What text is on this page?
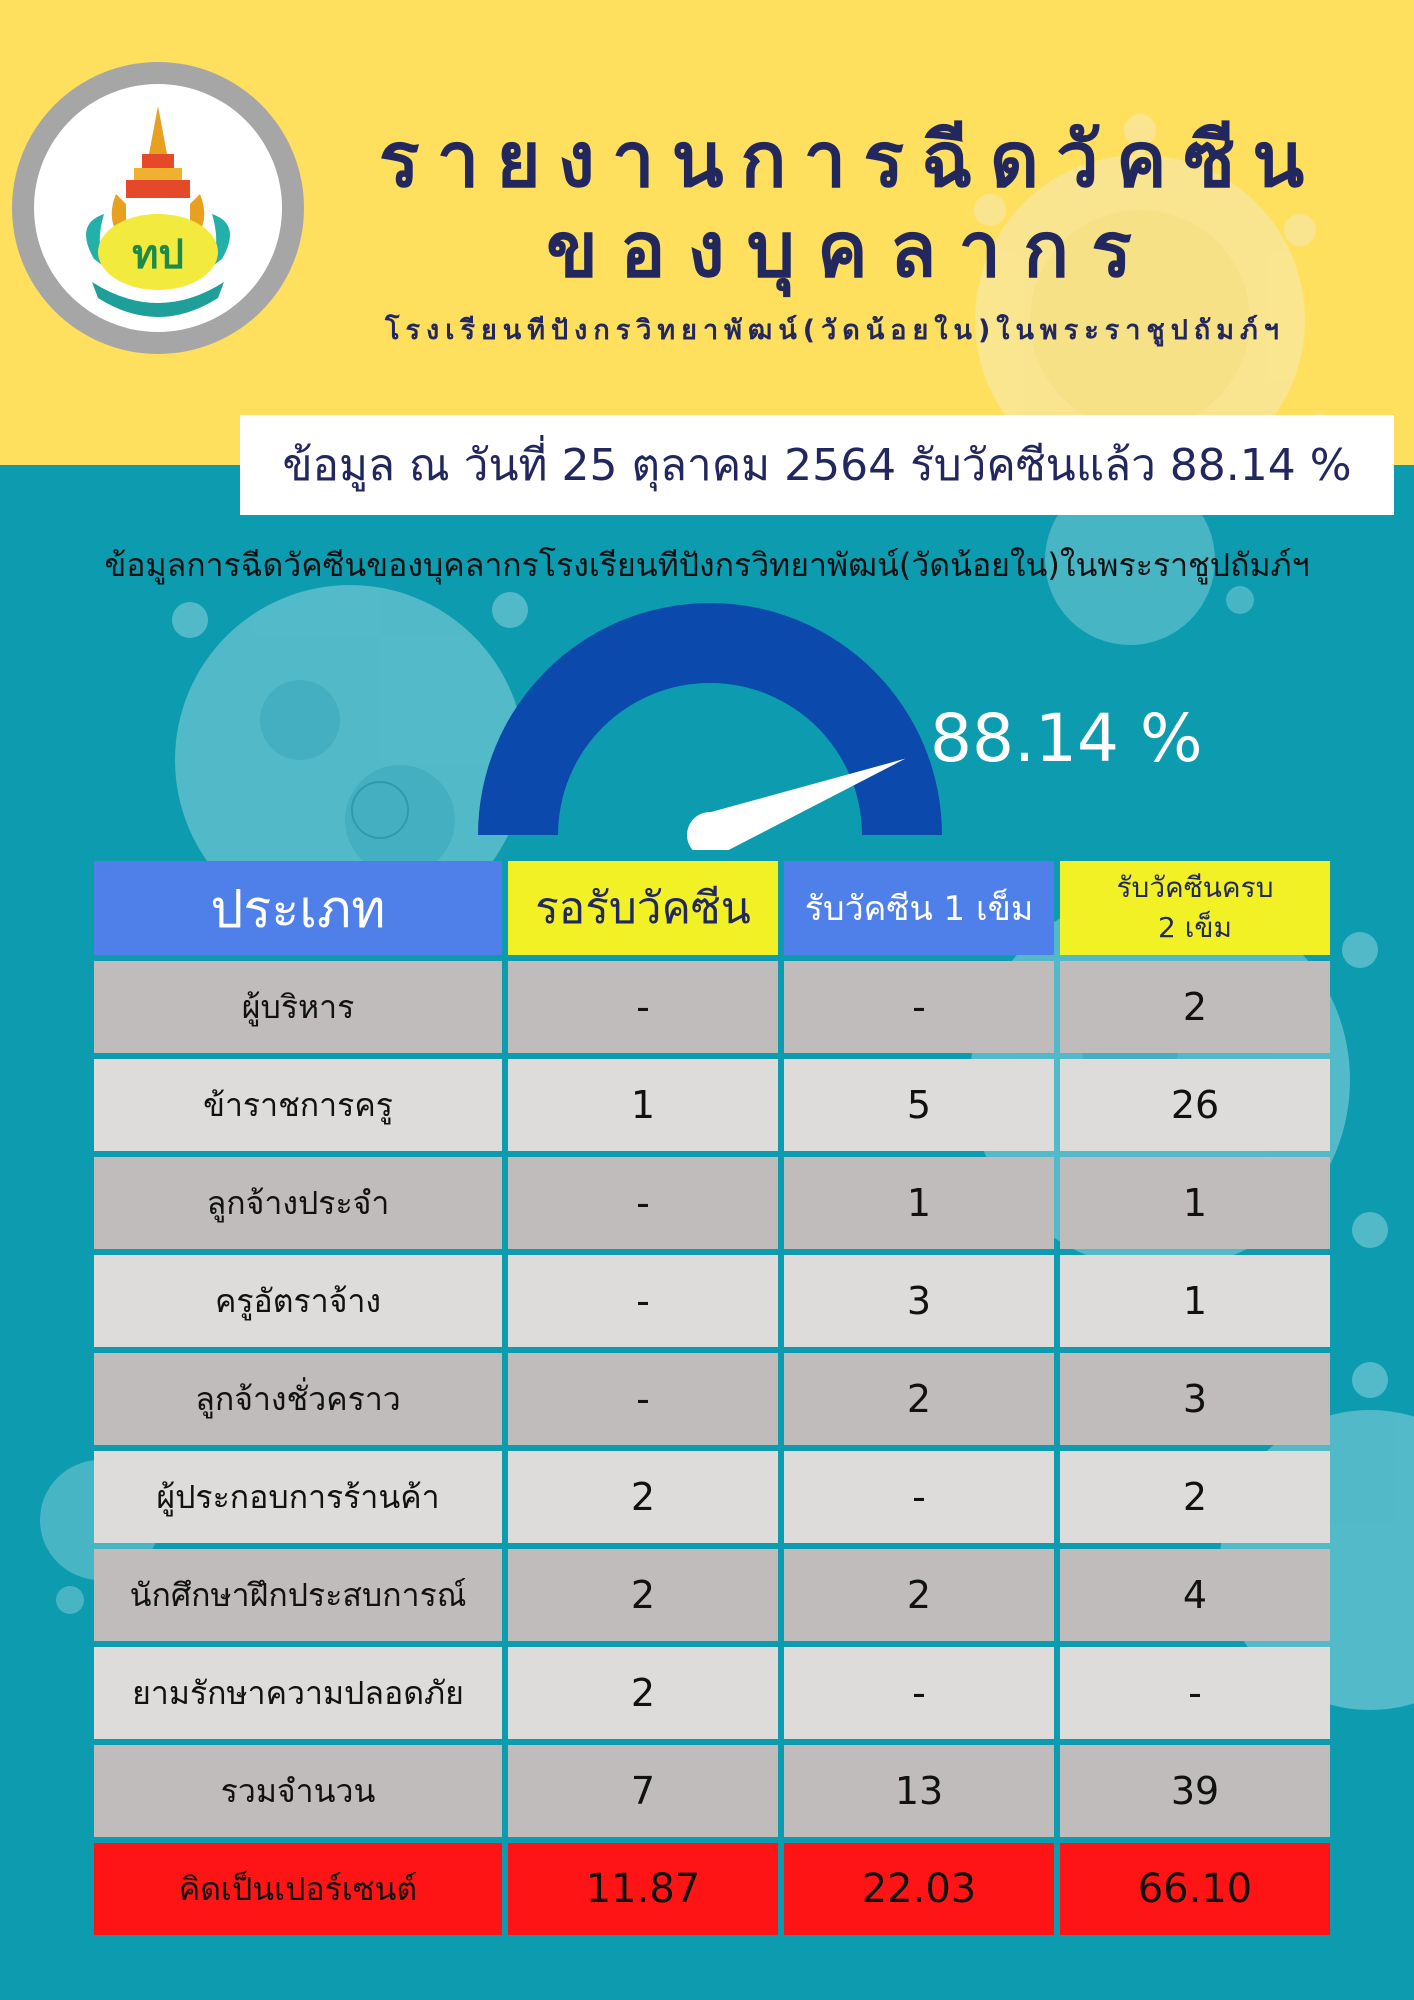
ทป
รายงานการฉีดวัคซีน
ของบุคลากร

โรงเรียนทีปังกรวิทยาพัฒน์(วัดน้อยใน)ในพระราชูปถัมภ์ฯ

ข้อมูล ณ วันที่ 25 ตุลาคม 2564 รับวัคซีนแล้ว 88.14 %

ข้อมูลการฉีดวัคซีนของบุคลากรโรงเรียนทีปังกรวิทยาพัฒน์(วัดน้อยใน)ในพระราชูปถัมภ์ฯ

88.14 %
ประเภท	รอรับวัคซีน	รับวัคซีน 1 เข็ม	รับวัคซีนครบ
2 เข็ม
ผู้บริหาร	-	-	2
ข้าราชการครู	1	5	26
ลูกจ้างประจำ	-	1	1
ครูอัตราจ้าง	-	3	1
ลูกจ้างชั่วคราว	-	2	3
ผู้ประกอบการร้านค้า	2	-	2
นักศึกษาฝึกประสบการณ์	2	2	4
ยามรักษาความปลอดภัย	2	-	-
รวมจำนวน	7	13	39
คิดเป็นเปอร์เซนต์	11.87	22.03	66.10
